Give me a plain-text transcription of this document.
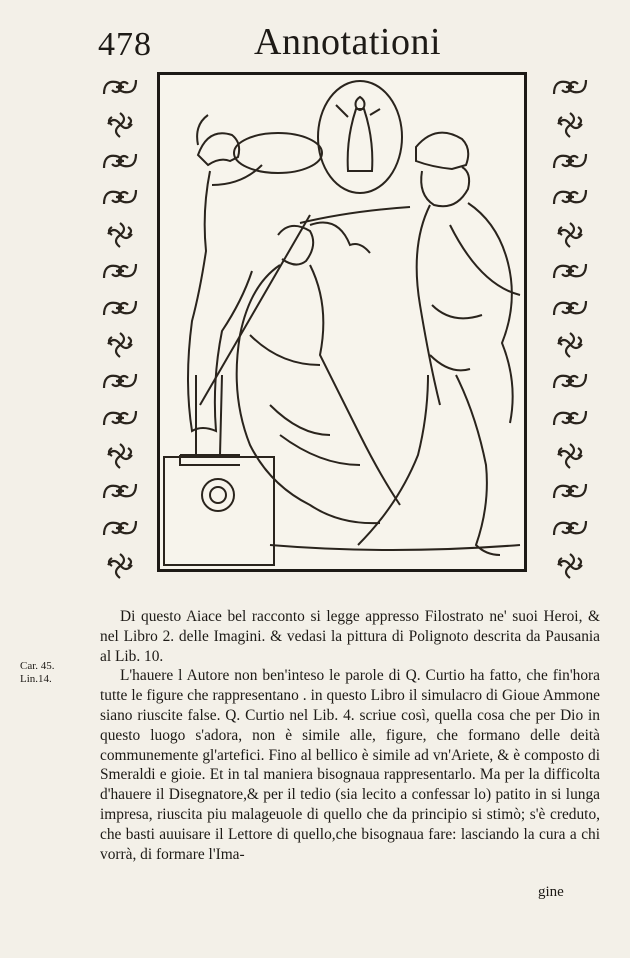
478	Annotationi

Di questo Aiace bel racconto si legge appresso Filostrato ne' suoi Heroi, & nel Libro 2. delle Imagini. & vedasi la pittura di Polignoto descrita da Pausania al Lib. 10.

L'hauere l Autore non ben'inteso le parole di Q. Curtio ha fatto, che fin'hora tutte le figure che rappresentano . in questo Libro il simulacro di Gioue Ammone siano riuscite false. Q. Curtio nel Lib. 4. scriue così, quella cosa che per Dio in questo luogo s'adora, non è simile alle, figure, che formano delle deità communemente gl'artefici. Fino al bellico è simile ad vn'Ariete, & è composto di Smeraldi e gioie. Et in tal maniera bisognaua rappresentarlo. Ma per la difficolta d'hauere il Disegnatore,& per il tedio (sia lecito a confessar lo) patito in si lunga impresa, riuscita piu malageuole di quello che da principio si stimò; s'è creduto, che basti auuisare il Lettore di quello,che bisognaua fare: lasciando la cura a chi vorrà, di formare l'Ima-

Car. 45.
Lin.14.
gine
